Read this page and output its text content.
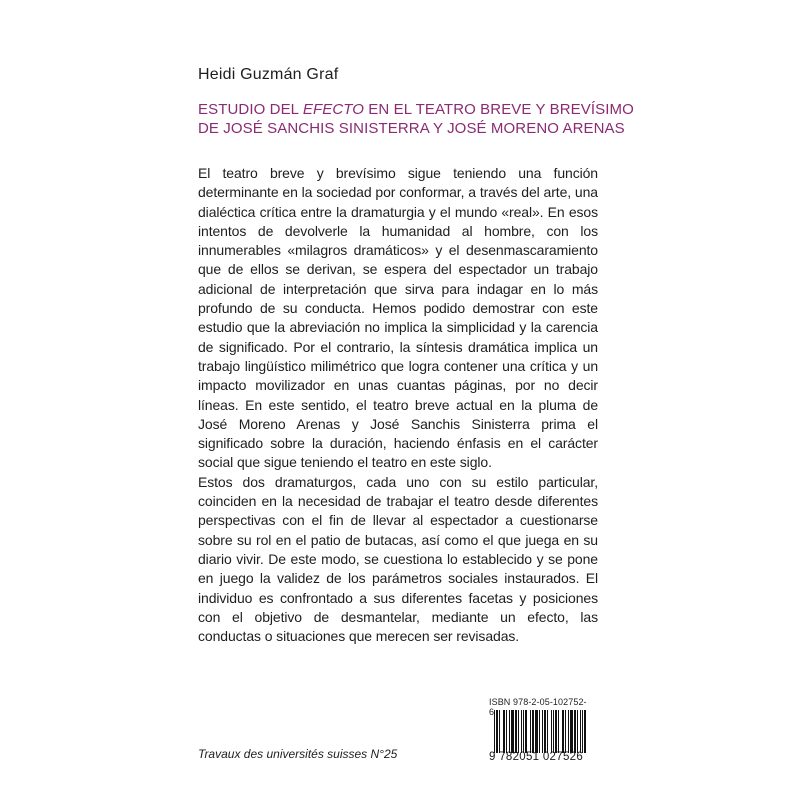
Heidi Guzmán Graf
ESTUDIO DEL EFECTO EN EL TEATRO BREVE Y BREVÍSIMO
DE JOSÉ SANCHIS SINISTERRA Y JOSÉ MORENO ARENAS

El teatro breve y brevísimo sigue teniendo una función determinante en la sociedad por conformar, a través del arte, una dialéctica crítica entre la dramaturgia y el mundo «real». En esos intentos de devolverle la humanidad al hombre, con los innumerables «milagros dramáticos» y el desenmascaramiento que de ellos se derivan, se espera del espectador un trabajo adicional de interpretación que sirva para indagar en lo más profundo de su conducta. Hemos podido demostrar con este estudio que la abreviación no implica la simplicidad y la carencia de significado. Por el contrario, la síntesis dramática implica un trabajo lingüístico milimétrico que logra contener una crítica y un impacto movilizador en unas cuantas páginas, por no decir líneas. En este sentido, el teatro breve actual en la pluma de José Moreno Arenas y José Sanchis Sinisterra prima el significado sobre la duración, haciendo énfasis en el carácter social que sigue teniendo el teatro en este siglo.

Estos dos dramaturgos, cada uno con su estilo particular, coinciden en la necesidad de trabajar el teatro desde diferentes perspectivas con el fin de llevar al espectador a cuestionarse sobre su rol en el patio de butacas, así como el que juega en su diario vivir. De este modo, se cuestiona lo establecido y se pone en juego la validez de los parámetros sociales instaurados. El individuo es confrontado a sus diferentes facetas y posiciones con el objetivo de desmantelar, mediante un efecto, las conductas o situaciones que merecen ser revisadas.

Travaux des universités suisses N°25

ISBN 978-2-05-102752-6
9 782051 027526
